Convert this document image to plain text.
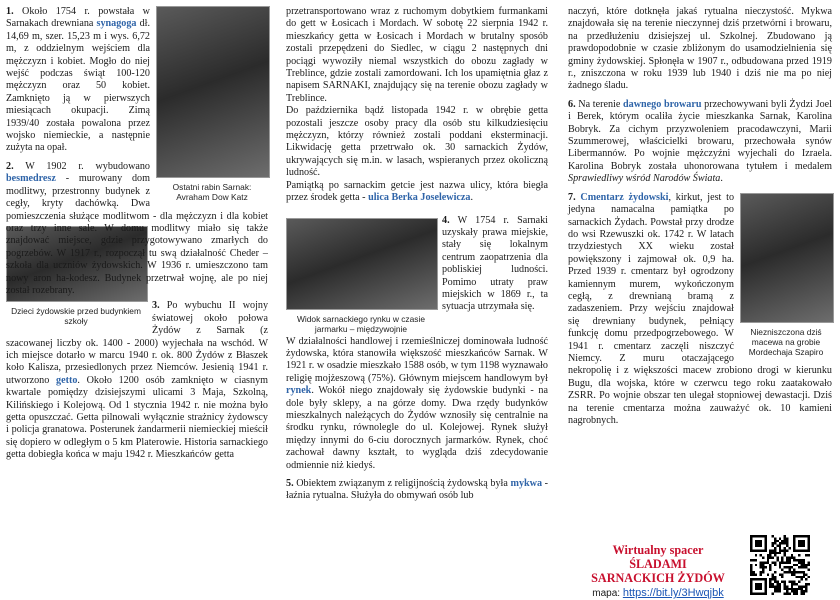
Ostatni rabin Sarnak: Avraham Dow Katz

1. Około 1754 r. powstała w Sarnakach drewniana synagoga dł. 14,69 m, szer. 15,23 m i wys. 6,72 m, z oddzielnym wejściem dla mężczyzn i kobiet. Mogło do niej wejść podczas świąt 100-120 mężczyzn oraz 50 kobiet. Zamknięto ją w pierwszych miesiącach okupacji. Zimą 1939/40 została powalona przez wojsko niemieckie, a następnie zużyta na opał.

2. W 1902 r. wybudowano besmedresz - murowany dom modlitwy, przestronny budynek z cegły, kryty dachówką. Dwa pomieszczenia służące modlitwom - dla mężczyzn i dla kobiet oraz trzy inne sale. W domu modlitwy miało się także znajdować miejsce, gdzie przygotowywano zmarłych do pogrzebów. W 1917 r., rozpoczął tu swą działalność Cheder – szkoła dla uczniów żydowskich. W 1936 r. umieszczono tam nowy aron ha-kodesz. Budynek przetrwał wojnę, ale po niej został rozebrany.

Dzieci żydowskie przed budynkiem szkoły

3. Po wybuchu II wojny światowej około połowa Żydów z Sarnak (z szacowanej liczby ok. 1400 - 2000) wyjechała na wschód. W ich miejsce dotarło w marcu 1940 r. ok. 800 Żydów z Błaszek koło Kalisza, przesiedlonych przez Niemców. Jesienią 1941 r. utworzono getto. Około 1200 osób zamknięto w ciasnym kwartale pomiędzy dzisiejszymi ulicami 3 Maja, Szkolną, Kilińskiego i Kolejową. Od 1 stycznia 1942 r. nie można było getta opuszczać. Getta pilnowali wyłącznie strażnicy żydowscy i policja granatowa. Posterunek żandarmerii niemieckiej mieścił się dopiero w odległym o 5 km Platerowie. Historia sarnackiego getta dobiegła końca w maju 1942 r. Mieszkańców getta

przetransportowano wraz z ruchomym dobytkiem furmankami do gett w Łosicach i Mordach. W sobotę 22 sierpnia 1942 r. mieszkańcy getta w Łosicach i Mordach w brutalny sposób zostali przepędzeni do Siedlec, w ciągu 2 następnych dni pociągi wywoziły niemal wszystkich do obozu zagłady w Treblince, gdzie zostali zamordowani. Ich los upamiętnia głaz z napisem SARNAKI, znajdujący się na terenie obozu zagłady w Treblince.

Do października bądź listopada 1942 r. w obrębie getta pozostali jeszcze osoby pracy dla osób stu kilkudziesięciu mężczyzn, którzy również zostali poddani eksterminacji. Likwidację getta przetrwało ok. 30 sarnackich Żydów, ukrywających się m.in. w lasach, wspieranych przez okoliczną ludność.

Pamiątką po sarnackim getcie jest nazwa ulicy, która biegła przez środek getta - ulica Berka Joselewicza.

Widok sarnackiego rynku w czasie jarmarku – międzywojnie

4. W 1754 r. Sarnaki uzyskały prawa miejskie, stały się lokalnym centrum zaopatrzenia dla pobliskiej ludności. Pomimo utraty praw miejskich w 1869 r., ta sytuacja utrzymała się.

W działalności handlowej i rzemieślniczej dominowała ludność żydowska, która stanowiła większość mieszkańców Sarnak. W 1921 r. w osadzie mieszkało 1588 osób, w tym 1198 wyznawało religię mojżeszową (75%). Głównym miejscem handlowym był rynek. Wokół niego znajdowały się żydowskie budynki - na dole były sklepy, a na górze domy. Dwa rzędy budynków mieszkalnych należących do Żydów wznosiły się centralnie na środku rynku, równolegle do ul. Kolejowej. Rynek służył między innymi do 6-ciu dorocznych jarmarków. Rynek, choć zachował dawny kształt, to wygląda dziś zdecydowanie odmiennie niż kiedyś.

5. Obiektem związanym z religijnością żydowską była mykwa - łaźnia rytualna. Służyła do obmywań osób lub

naczyń, które dotknęła jakaś rytualna nieczystość. Mykwa znajdowała się na terenie nieczynnej dziś przetwórni i browaru, na przedłużeniu dzisiejszej ul. Szkolnej. Zbudowano ją prawdopodobnie w czasie zbliżonym do usamodzielnienia się gminy żydowskiej. Spłonęła w 1907 r., odbudowana przed 1919 r., zniszczona w roku 1939 lub 1940 i dziś nie ma po niej żadnego śladu.

6. Na terenie dawnego browaru przechowywani byli Żydzi Joel i Berek, którym ocaliła życie mieszkanka Sarnak, Karolina Bobryk. Za cichym przyzwoleniem pracodawczyni, Marii Szummerowej, właścicielki browaru, przechowała synów Libermannów. Po wojnie mężczyźni wyjechali do Izraela. Karolina Bobryk została uhonorowana tytułem i medalem Sprawiedliwy wśród Narodów Świata.

Niezniszczona dziś macewa na grobie Mordechaja Szapiro

7. Cmentarz żydowski, kirkut, jest to jedyna namacalna pamiątka po sarnackich Żydach. Powstał przy drodze do wsi Rzewuszki ok. 1742 r. W latach trzydziestych XX wieku został powiększony i zajmował ok. 0,9 ha. Przed 1939 r. cmentarz był ogrodzony kamiennym murem, wykończonym cegłą, z drewnianą bramą z zadaszeniem. Przy wejściu znajdował się drewniany budynek, pełniący funkcję domu przedpogrzebowego. W 1941 r. cmentarz zaczęli niszczyć Niemcy. Z muru otaczającego nekropolię i z większości macew zrobiono drogi w kierunku Bugu, dla wojska, które w czerwcu tego roku zaatakowało ZSRR. Po wojnie obszar ten ulegał stopniowej dewastacji. Dziś na terenie cmentarza można zauważyć ok. 10 kamieni nagrobnych.

Wirtualny spacer
ŚLADAMI
SARNACKICH ŻYDÓW
mapa: https://bit.ly/3Hwqjbk
